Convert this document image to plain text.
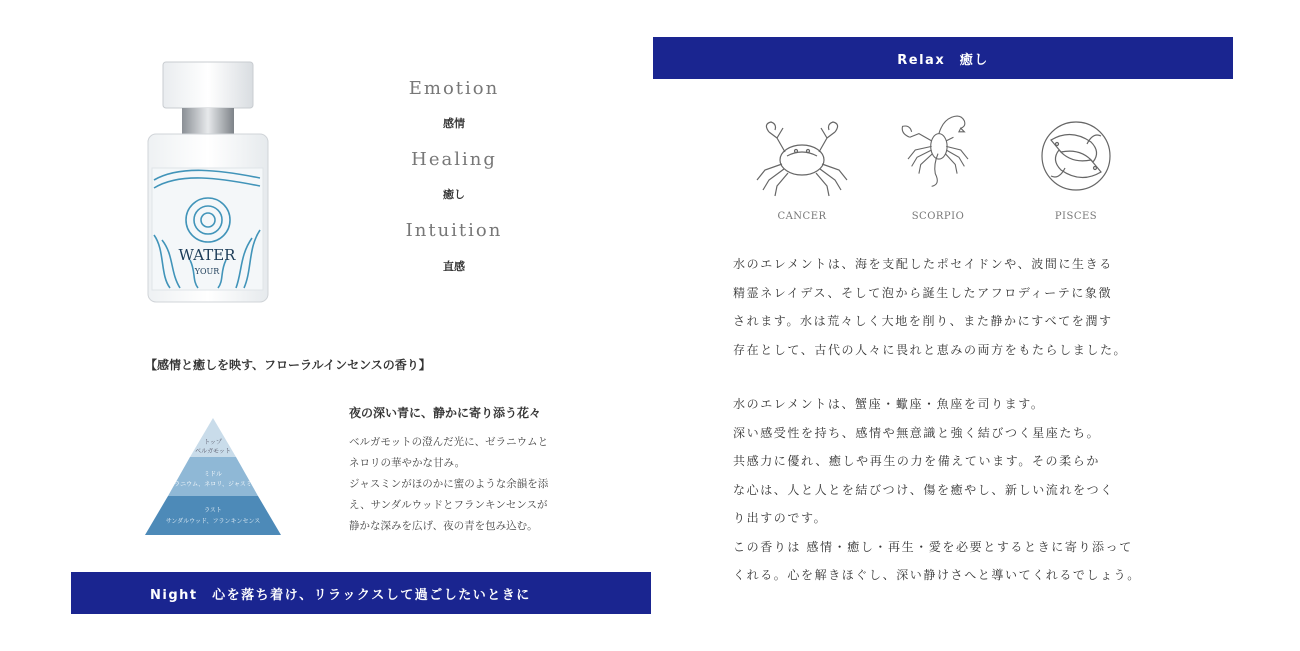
WATER
YOUR
Emotion
感情
Healing
癒し
Intuition
直感
【感情と癒しを映す、フローラルインセンスの香り】
トップ
ベルガモット
ミドル
ゼラニウム、ネロリ、ジャスミン
ラスト
サンダルウッド、フランキンセンス
夜の深い青に、静かに寄り添う花々
ベルガモットの澄んだ光に、ゼラニウムと
ネロリの華やかな甘み。
ジャスミンがほのかに蜜のような余韻を添
え、サンダルウッドとフランキンセンスが
静かな深みを広げ、夜の青を包み込む。
Night　心を落ち着け、リラックスして過ごしたいときに
Relax　癒し
CANCER	SCORPIO	PISCES
水のエレメントは、海を支配したポセイドンや、波間に生きる
精霊ネレイデス、そして泡から誕生したアフロディーテに象徴
されます。水は荒々しく大地を削り、また静かにすべてを潤す
存在として、古代の人々に畏れと恵みの両方をもたらしました。
水のエレメントは、蟹座・蠍座・魚座を司ります。
深い感受性を持ち、感情や無意識と強く結びつく星座たち。
共感力に優れ、癒しや再生の力を備えています。その柔らか
な心は、人と人とを結びつけ、傷を癒やし、新しい流れをつく
り出すのです。
この香りは 感情・癒し・再生・愛を必要とするときに寄り添って
くれる。心を解きほぐし、深い静けさへと導いてくれるでしょう。
